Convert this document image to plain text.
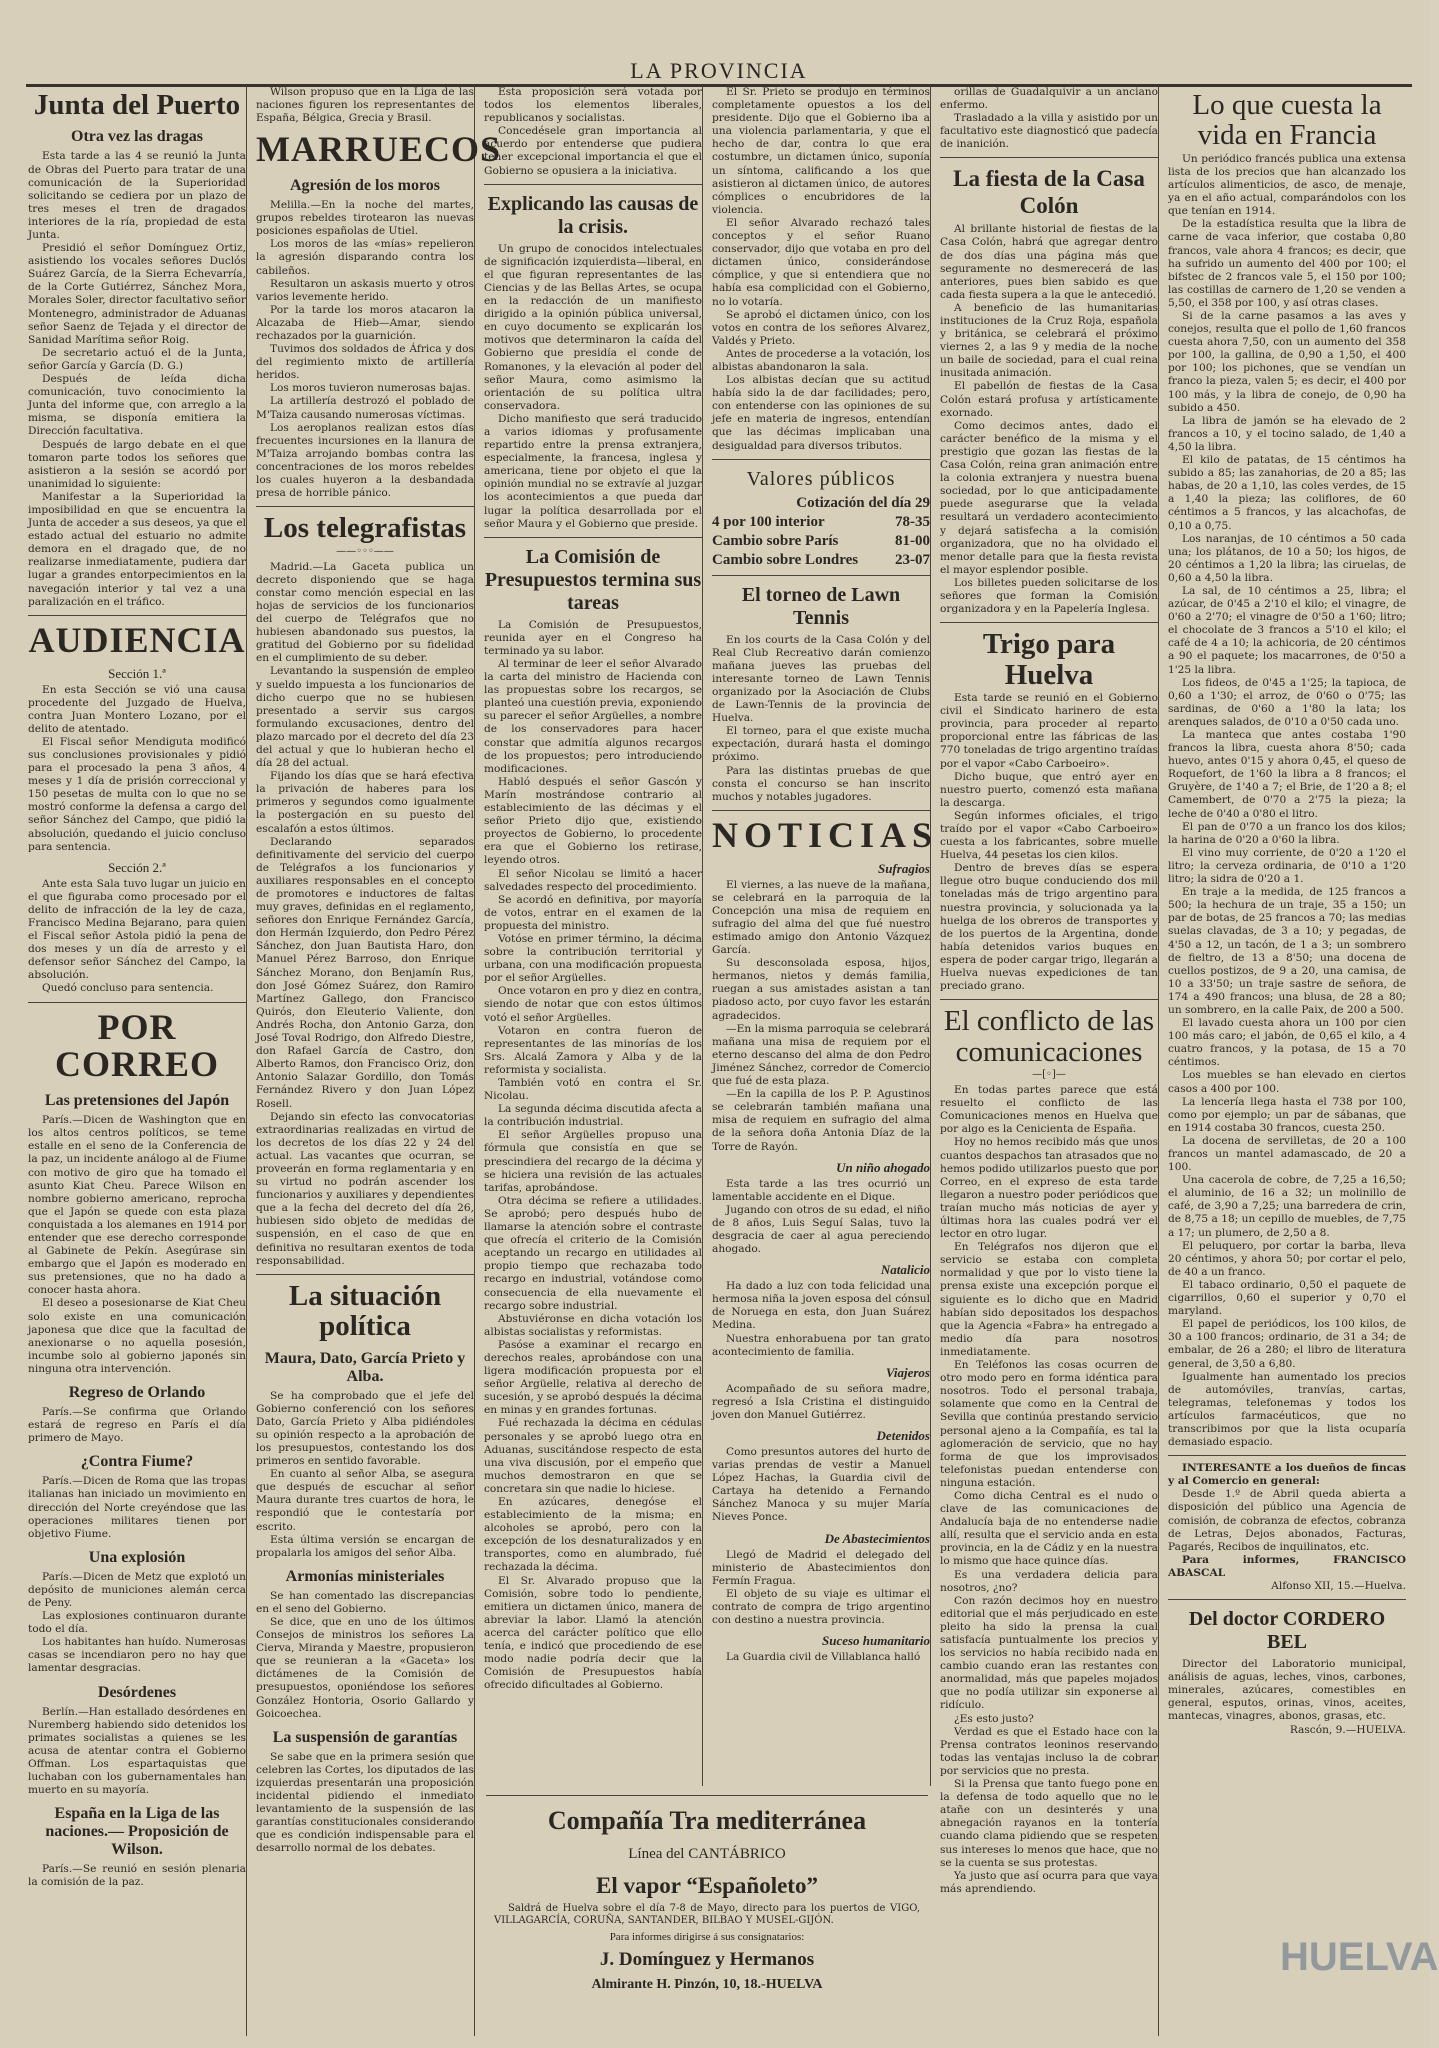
LA PROVINCIA
Junta del Puerto
Otra vez las dragas

Esta tarde a las 4 se reunió la Junta de Obras del Puerto para tratar de una comunicación de la Superioridad solicitando se cediera por un plazo de tres meses el tren de dragados interiores de la ría, propiedad de esta Junta.

Presidió el señor Domínguez Ortiz, asistiendo los vocales señores Duclós Suárez García, de la Sierra Echevarría, de la Corte Gutiérrez, Sánchez Mora, Morales Soler, director facultativo señor Montenegro, administrador de Aduanas señor Saenz de Tejada y el director de Sanidad Marítima señor Roig.

De secretario actuó el de la Junta, señor García y García (D. G.)

Después de leída dicha comunicación, tuvo conocimiento la Junta del informe que, con arreglo a la misma, se disponía emitiera la Dirección facultativa.

Después de largo debate en el que tomaron parte todos los señores que asistieron a la sesión se acordó por unanimidad lo siguiente:

Manifestar a la Superioridad la imposibilidad en que se encuentra la Junta de acceder a sus deseos, ya que el estado actual del estuario no admite demora en el dragado que, de no realizarse inmediatamente, pudiera dar lugar a grandes entorpecimientos en la navegación interior y tal vez a una paralización en el tráfico.

AUDIENCIA
Sección 1.ª

En esta Sección se vió una causa procedente del Juzgado de Huelva, contra Juan Montero Lozano, por el delito de atentado.

El Fiscal señor Mendiguta modificó sus conclusiones provisionales y pidió para el procesado la pena 3 años, 4 meses y 1 día de prisión correccional y 150 pesetas de multa con lo que no se mostró conforme la defensa a cargo del señor Sánchez del Campo, que pidió la absolución, quedando el juicio concluso para sentencia.

Sección 2.ª

Ante esta Sala tuvo lugar un juicio en el que figuraba como procesado por el delito de infracción de la ley de caza, Francisco Medina Bejarano, para quien el Fiscal señor Astola pidió la pena de dos meses y un día de arresto y el defensor señor Sánchez del Campo, la absolución.

Quedó concluso para sentencia.

POR CORREO
Las pretensiones del Japón

París.—Dicen de Washington que en los altos centros políticos, se teme estalle en el seno de la Conferencia de la paz, un incidente análogo al de Fiume con motivo de giro que ha tomado el asunto Kiat Cheu. Parece Wilson en nombre gobierno americano, reprocha que el Japón se quede con esta plaza conquistada a los alemanes en 1914 por entender que ese derecho corresponde al Gabinete de Pekín. Asegúrase sin embargo que el Japón es moderado en sus pretensiones, que no ha dado a conocer hasta ahora.

El deseo a posesionarse de Kiat Cheu solo existe en una comunicación japonesa que dice que la facultad de anexionarse o no aquella posesión, incumbe solo al gobierno japonés sin ninguna otra intervención.

Regreso de Orlando

París.—Se confirma que Orlando estará de regreso en París el día primero de Mayo.

¿Contra Fiume?

París.—Dicen de Roma que las tropas italianas han iniciado un movimiento en dirección del Norte creyéndose que las operaciones militares tienen por objetivo Fiume.

Una explosión

París.—Dicen de Metz que explotó un depósito de municiones alemán cerca de Peny.

Las explosiones continuaron durante todo el día.

Los habitantes han huído. Numerosas casas se incendiaron pero no hay que lamentar desgracias.

Desórdenes

Berlín.—Han estallado desórdenes en Nuremberg habiendo sido detenidos los primates socialistas a quienes se les acusa de atentar contra el Gobierno Offman. Los espartaquistas que luchaban con los gubernamentales han muerto en su mayoría.

España en la Liga de las naciones.— Proposición de Wilson.

París.—Se reunió en sesión plenaria la comisión de la paz.

Wilson propuso que en la Liga de las naciones figuren los representantes de España, Bélgica, Grecia y Brasil.

MARRUECOS
Agresión de los moros

Melilla.—En la noche del martes, grupos rebeldes tirotearon las nuevas posiciones españolas de Utiel.

Los moros de las «mías» repelieron la agresión disparando contra los cabileños.

Resultaron un askasis muerto y otros varios levemente herido.

Por la tarde los moros atacaron la Alcazaba de Hieb—Amar, siendo rechazados por la guarnición.

Tuvimos dos soldados de África y dos del regimiento mixto de artillería heridos.

Los moros tuvieron numerosas bajas.

La artillería destrozó el poblado de M'Taiza causando numerosas víctimas.

Los aeroplanos realizan estos días frecuentes incursiones en la llanura de M'Taiza arrojando bombas contra las concentraciones de los moros rebeldes los cuales huyeron a la desbandada presa de horrible pánico.

Los telegrafistas
——◦◦◦——

Madrid.—La Gaceta publica un decreto disponiendo que se haga constar como mención especial en las hojas de servicios de los funcionarios del cuerpo de Telégrafos que no hubiesen abandonado sus puestos, la gratitud del Gobierno por su fidelidad en el cumplimiento de su deber.

Levantando la suspensión de empleo y sueldo impuesta a los funcionarios de dicho cuerpo que no se hubiesen presentado a servir sus cargos formulando excusaciones, dentro del plazo marcado por el decreto del día 23 del actual y que lo hubieran hecho el día 28 del actual.

Fijando los días que se hará efectiva la privación de haberes para los primeros y segundos como igualmente la postergación en su puesto del escalafón a estos últimos.

Declarando separados definitivamente del servicio del cuerpo de Telégrafos a los funcionarios y auxiliares responsables en el concepto de promotores e inductores de faltas muy graves, definidas en el reglamento, señores don Enrique Fernández García, don Hermán Izquierdo, don Pedro Pérez Sánchez, don Juan Bautista Haro, don Manuel Pérez Barroso, don Enrique Sánchez Morano, don Benjamín Rus, don José Gómez Suárez, don Ramiro Martínez Gallego, don Francisco Quirós, don Eleuterio Valiente, don Andrés Rocha, don Antonio Garza, don José Toval Rodrigo, don Alfredo Diestre, don Rafael García de Castro, don Alberto Ramos, don Francisco Oriz, don Antonio Salazar Gordillo, don Tomás Fernández Rivero y don Juan López Rosell.

Dejando sin efecto las convocatorias extraordinarias realizadas en virtud de los decretos de los días 22 y 24 del actual. Las vacantes que ocurran, se proveerán en forma reglamentaria y en su virtud no podrán ascender los funcionarios y auxiliares y dependientes que a la fecha del decreto del día 26, hubiesen sido objeto de medidas de suspensión, en el caso de que en definitiva no resultaran exentos de toda responsabilidad.

La situación política
Maura, Dato, García Prieto y Alba.

Se ha comprobado que el jefe del Gobierno conferenció con los señores Dato, García Prieto y Alba pidiéndoles su opinión respecto a la aprobación de los presupuestos, contestando los dos primeros en sentido favorable.

En cuanto al señor Alba, se asegura que después de escuchar al señor Maura durante tres cuartos de hora, le respondió que le contestaría por escrito.

Esta última versión se encargan de propalarla los amigos del señor Alba.

Armonías ministeriales

Se han comentado las discrepancias en el seno del Gobierno.

Se dice, que en uno de los últimos Consejos de ministros los señores La Cierva, Miranda y Maestre, propusieron que se reunieran a la «Gaceta» los dictámenes de la Comisión de presupuestos, oponiéndose los señores González Hontoria, Osorio Gallardo y Goicoechea.

La suspensión de garantías

Se sabe que en la primera sesión que celebren las Cortes, los diputados de las izquierdas presentarán una proposición incidental pidiendo el inmediato levantamiento de la suspensión de las garantías constitucionales considerando que es condición indispensable para el desarrollo normal de los debates.

Esta proposición será votada por todos los elementos liberales, republicanos y socialistas.

Concedésele gran importancia al acuerdo por entenderse que pudiera tener excepcional importancia el que el Gobierno se opusiera a la iniciativa.

Explicando las causas de la crisis.

Un grupo de conocidos intelectuales de significación izquierdista—liberal, en el que figuran representantes de las Ciencias y de las Bellas Artes, se ocupa en la redacción de un manifiesto dirigido a la opinión pública universal, en cuyo documento se explicarán los motivos que determinaron la caída del Gobierno que presidía el conde de Romanones, y la elevación al poder del señor Maura, como asimismo la orientación de su política ultra conservadora.

Dicho manifiesto que será traducido a varios idiomas y profusamente repartido entre la prensa extranjera, especialmente, la francesa, inglesa y americana, tiene por objeto el que la opinión mundial no se extravíe al juzgar los acontecimientos a que pueda dar lugar la política desarrollada por el señor Maura y el Gobierno que preside.

La Comisión de Presupuestos termina sus tareas

La Comisión de Presupuestos, reunida ayer en el Congreso ha terminado ya su labor.

Al terminar de leer el señor Alvarado la carta del ministro de Hacienda con las propuestas sobre los recargos, se planteó una cuestión previa, exponiendo su parecer el señor Argüelles, a nombre de los conservadores para hacer constar que admitía algunos recargos de los propuestos; pero introduciendo modificaciones.

Habló después el señor Gascón y Marín mostrándose contrario al establecimiento de las décimas y el señor Prieto dijo que, existiendo proyectos de Gobierno, lo procedente era que el Gobierno los retirase, leyendo otros.

El señor Nicolau se limitó a hacer salvedades respecto del procedimiento.

Se acordó en definitiva, por mayoría de votos, entrar en el examen de la propuesta del ministro.

Votóse en primer término, la décima sobre la contribución territorial y urbana, con una modificación propuesta por el señor Argüelles.

Once votaron en pro y diez en contra, siendo de notar que con estos últimos votó el señor Argüelles.

Votaron en contra fueron de representantes de las minorías de los Srs. Alcalá Zamora y Alba y de la reformista y socialista.

También votó en contra el Sr. Nicolau.

La segunda décima discutida afecta a la contribución industrial.

El señor Argüelles propuso una fórmula que consistía en que se prescindiera del recargo de la décima y se hiciera una revisión de las actuales tarifas, aprobándose.

Otra décima se refiere a utilidades. Se aprobó; pero después hubo de llamarse la atención sobre el contraste que ofrecía el criterio de la Comisión aceptando un recargo en utilidades al propio tiempo que rechazaba todo recargo en industrial, votándose como consecuencia de ella nuevamente el recargo sobre industrial.

Abstuviéronse en dicha votación los albistas socialistas y reformistas.

Pasóse a examinar el recargo en derechos reales, aprobándose con una ligera modificación propuesta por el señor Argüelle, relativa al derecho de sucesión, y se aprobó después la décima en minas y en grandes fortunas.

Fué rechazada la décima en cédulas personales y se aprobó luego otra en Aduanas, suscitándose respecto de esta una viva discusión, por el empeño que muchos demostraron en que se concretara sin que nadie lo hiciese.

En azúcares, denegóse el establecimiento de la misma; en alcoholes se aprobó, pero con la excepción de los desnaturalizados y en transportes, como en alumbrado, fué rechazada la décima.

El Sr. Alvarado propuso que la Comisión, sobre todo lo pendiente, emitiera un dictamen único, manera de abreviar la labor. Llamó la atención acerca del carácter político que ello tenía, e indicó que procediendo de ese modo nadie podría decir que la Comisión de Presupuestos había ofrecido dificultades al Gobierno.

El Sr. Prieto se produjo en términos completamente opuestos a los del presidente. Dijo que el Gobierno iba a una violencia parlamentaria, y que el hecho de dar, contra lo que era costumbre, un dictamen único, suponía un síntoma, calificando a los que asistieron al dictamen único, de autores cómplices o encubridores de la violencia.

El señor Alvarado rechazó tales conceptos y el señor Ruano conservador, dijo que votaba en pro del dictamen único, considerándose cómplice, y que si entendiera que no había esa complicidad con el Gobierno, no lo votaría.

Se aprobó el dictamen único, con los votos en contra de los señores Alvarez, Valdés y Prieto.

Antes de procederse a la votación, los albistas abandonaron la sala.

Los albistas decían que su actitud había sido la de dar facilidades; pero, con entenderse con las opiniones de su jefe en materia de ingresos, entendían que las décimas implicaban una desigualdad para diversos tributos.

Valores públicos
Cotización del día 29
4 por 100 interior	78-35
Cambio sobre París	81-00
Cambio sobre Londres 23-07
El torneo de Lawn Tennis

En los courts de la Casa Colón y del Real Club Recreativo darán comienzo mañana jueves las pruebas del interesante torneo de Lawn Tennis organizado por la Asociación de Clubs de Lawn-Tennis de la provincia de Huelva.

El torneo, para el que existe mucha expectación, durará hasta el domingo próximo.

Para las distintas pruebas de que consta el concurso se han inscrito muchos y notables jugadores.

NOTICIAS
Sufragios

El viernes, a las nueve de la mañana, se celebrará en la parroquia de la Concepción una misa de requiem en sufragio del alma del que fué nuestro estimado amigo don Antonio Vázquez García.

Su desconsolada esposa, hijos, hermanos, nietos y demás familia, ruegan a sus amistades asistan a tan piadoso acto, por cuyo favor les estarán agradecidos.

—En la misma parroquia se celebrará mañana una misa de requiem por el eterno descanso del alma de don Pedro Jiménez Sánchez, corredor de Comercio que fué de esta plaza.

—En la capilla de los P. P. Agustinos se celebrarán también mañana una misa de requiem en sufragio del alma de la señora doña Antonia Díaz de la Torre de Rayón.

Un niño ahogado

Esta tarde a las tres ocurrió un lamentable accidente en el Dique.

Jugando con otros de su edad, el niño de 8 años, Luis Seguí Salas, tuvo la desgracia de caer al agua pereciendo ahogado.

Natalicio

Ha dado a luz con toda felicidad una hermosa niña la joven esposa del cónsul de Noruega en esta, don Juan Suárez Medina.

Nuestra enhorabuena por tan grato acontecimiento de familia.

Viajeros

Acompañado de su señora madre, regresó a Isla Cristina el distinguido joven don Manuel Gutiérrez.

Detenidos

Como presuntos autores del hurto de varias prendas de vestir a Manuel López Hachas, la Guardia civil de Cartaya ha detenido a Fernando Sánchez Manoca y su mujer María Nieves Ponce.

De Abastecimientos

Llegó de Madrid el delegado del ministerio de Abastecimientos don Fermín Fragua.

El objeto de su viaje es ultimar el contrato de compra de trigo argentino con destino a nuestra provincia.

Suceso humanitario

La Guardia civil de Villablanca halló

Compañía Tra mediterránea
Línea del CANTÁBRICO
El vapor “Españoleto”

Saldrá de Huelva sobre el día 7-8 de Mayo, directo para los puertos de VIGO, VILLAGARCÍA, CORUÑA, SANTANDER, BILBAO Y MUSEL-GIJÓN.

Para informes dirigirse á sus consignatarios:
J. Domínguez y Hermanos
Almirante H. Pinzón, 10, 18.-HUELVA

orillas de Guadalquivir a un anciano enfermo.

Trasladado a la villa y asistido por un facultativo este diagnosticó que padecía de inanición.

La fiesta de la Casa Colón

Al brillante historial de fiestas de la Casa Colón, habrá que agregar dentro de dos días una página más que seguramente no desmerecerá de las anteriores, pues bien sabido es que cada fiesta supera a la que le antecedió.

A beneficio de las humanitarias instituciones de la Cruz Roja, española y británica, se celebrará el próximo viernes 2, a las 9 y media de la noche un baile de sociedad, para el cual reina inusitada animación.

El pabellón de fiestas de la Casa Colón estará profusa y artísticamente exornado.

Como decimos antes, dado el carácter benéfico de la misma y el prestigio que gozan las fiestas de la Casa Colón, reina gran animación entre la colonia extranjera y nuestra buena sociedad, por lo que anticipadamente puede asegurarse que la velada resultará un verdadero acontecimiento y dejará satisfecha a la comisión organizadora, que no ha olvidado el menor detalle para que la fiesta revista el mayor esplendor posible.

Los billetes pueden solicitarse de los señores que forman la Comisión organizadora y en la Papelería Inglesa.

Trigo para Huelva

Esta tarde se reunió en el Gobierno civil el Sindicato harinero de esta provincia, para proceder al reparto proporcional entre las fábricas de las 770 toneladas de trigo argentino traídas por el vapor «Cabo Carboeiro».

Dicho buque, que entró ayer en nuestro puerto, comenzó esta mañana la descarga.

Según informes oficiales, el trigo traído por el vapor «Cabo Carboeiro» cuesta a los fabricantes, sobre muelle Huelva, 44 pesetas los cien kilos.

Dentro de breves días se espera llegue otro buque conduciendo dos mil toneladas más de trigo argentino para nuestra provincia, y solucionada ya la huelga de los obreros de transportes y de los puertos de la Argentina, donde había detenidos varios buques en espera de poder cargar trigo, llegarán a Huelva nuevas expediciones de tan preciado grano.

El conflicto de las comunicaciones
—[◦]—

En todas partes parece que está resuelto el conflicto de las Comunicaciones menos en Huelva que por algo es la Cenicienta de España.

Hoy no hemos recibido más que unos cuantos despachos tan atrasados que no hemos podido utilizarlos puesto que por Correo, en el expreso de esta tarde llegaron a nuestro poder periódicos que traían mucho más noticias de ayer y últimas hora las cuales podrá ver el lector en otro lugar.

En Telégrafos nos dijeron que el servicio se estaba con completa normalidad y que por lo visto tiene la prensa existe una excepción porque el siguiente es lo dicho que en Madrid habían sido depositados los despachos que la Agencia «Fabra» ha entregado a medio día para nosotros inmediatamente.

En Teléfonos las cosas ocurren de otro modo pero en forma idéntica para nosotros. Todo el personal trabaja, solamente que como en la Central de Sevilla que continúa prestando servicio personal ajeno a la Compañía, es tal la aglomeración de servicio, que no hay forma de que los improvisados telefonistas puedan entenderse con ninguna estación.

Como dicha Central es el nudo o clave de las comunicaciones de Andalucía baja de no entenderse nadie allí, resulta que el servicio anda en esta provincia, en la de Cádiz y en la nuestra lo mismo que hace quince días.

Es una verdadera delicia para nosotros, ¿no?

Con razón decimos hoy en nuestro editorial que el más perjudicado en este pleito ha sido la prensa la cual satisfacía puntualmente los precios y los servicios no había recibido nada en cambio cuando eran las restantes con anormalidad, más que papeles mojados que no podía utilizar sin exponerse al ridículo.

¿Es esto justo?

Verdad es que el Estado hace con la Prensa contratos leoninos reservando todas las ventajas incluso la de cobrar por servicios que no presta.

Si la Prensa que tanto fuego pone en la defensa de todo aquello que no le atañe con un desinterés y una abnegación rayanos en la tontería cuando clama pidiendo que se respeten sus intereses lo menos que hace, que no se la cuenta se sus protestas.

Ya justo que así ocurra para que vaya más aprendiendo.

Lo que cuesta la vida en Francia

Un periódico francés publica una extensa lista de los precios que han alcanzado los artículos alimenticios, de asco, de menaje, ya en el año actual, comparándolos con los que tenían en 1914.

De la estadística resulta que la libra de carne de vaca inferior, que costaba 0,80 francos, vale ahora 4 francos; es decir, que ha sufrido un aumento del 400 por 100; el bifstec de 2 francos vale 5, el 150 por 100; las costillas de carnero de 1,20 se venden a 5,50, el 358 por 100, y así otras clases.

Si de la carne pasamos a las aves y conejos, resulta que el pollo de 1,60 francos cuesta ahora 7,50, con un aumento del 358 por 100, la gallina, de 0,90 a 1,50, el 400 por 100; los pichones, que se vendían un franco la pieza, valen 5; es decir, el 400 por 100 más, y la libra de conejo, de 0,90 ha subido a 450.

La libra de jamón se ha elevado de 2 francos a 10, y el tocino salado, de 1,40 a 4,50 la libra.

El kilo de patatas, de 15 céntimos ha subido a 85; las zanahorias, de 20 a 85; las habas, de 20 a 1,10, las coles verdes, de 15 a 1,40 la pieza; las coliflores, de 60 céntimos a 5 francos, y las alcachofas, de 0,10 a 0,75.

Los naranjas, de 10 céntimos a 50 cada una; los plátanos, de 10 a 50; los higos, de 20 céntimos a 1,20 la libra; las ciruelas, de 0,60 a 4,50 la libra.

La sal, de 10 céntimos a 25, libra; el azúcar, de 0'45 a 2'10 el kilo; el vinagre, de 0'60 a 2'70; el vinagre de 0'50 a 1'60; litro; el chocolate de 3 francos a 5'10 el kilo; el café de 4 a 10; la achicoria, de 20 céntimos a 90 el paquete; los macarrones, de 0'50 a 1'25 la libra.

Los fideos, de 0'45 a 1'25; la tapioca, de 0,60 a 1'30; el arroz, de 0'60 o 0'75; las sardinas, de 0'60 a 1'80 la lata; los arenques salados, de 0'10 a 0'50 cada uno.

La manteca que antes costaba 1'90 francos la libra, cuesta ahora 8'50; cada huevo, antes 0'15 y ahora 0,45, el queso de Roquefort, de 1'60 la libra a 8 francos; el Gruyère, de 1'40 a 7; el Brie, de 1'20 a 8; el Camembert, de 0'70 a 2'75 la pieza; la leche de 0'40 a 0'80 el litro.

El pan de 0'70 a un franco los dos kilos; la harina de 0'20 a 0'60 la libra.

El vino muy corriente, de 0'20 a 1'20 el litro; la cerveza ordinaria, de 0'10 a 1'20 litro; la sidra de 0'20 a 1.

En traje a la medida, de 125 francos a 500; la hechura de un traje, 35 a 150; un par de botas, de 25 francos a 70; las medias suelas clavadas, de 3 a 10; y pegadas, de 4'50 a 12, un tacón, de 1 a 3; un sombrero de fieltro, de 13 a 8'50; una docena de cuellos postizos, de 9 a 20, una camisa, de 10 a 33'50; un traje sastre de señora, de 174 a 490 francos; una blusa, de 28 a 80; un sombrero, en la calle Paix, de 200 a 500.

El lavado cuesta ahora un 100 por cien 100 más caro; el jabón, de 0,65 el kilo, a 4 cuatro francos, y la potasa, de 15 a 70 céntimos.

Los muebles se han elevado en ciertos casos a 400 por 100.

La lencería llega hasta el 738 por 100, como por ejemplo; un par de sábanas, que en 1914 costaba 30 francos, cuesta 250.

La docena de servilletas, de 20 a 100 francos un mantel adamascado, de 20 a 100.

Una cacerola de cobre, de 7,25 a 16,50; el aluminio, de 16 a 32; un molinillo de café, de 3,90 a 7,25; una barredera de crin, de 8,75 a 18; un cepillo de muebles, de 7,75 a 17; un plumero, de 2,50 a 8.

El peluquero, por cortar la barba, lleva 20 céntimos, y ahora 50; por cortar el pelo, de 40 a un franco.

El tabaco ordinario, 0,50 el paquete de cigarrillos, 0,60 el superior y 0,70 el maryland.

El papel de periódicos, los 100 kilos, de 30 a 100 francos; ordinario, de 31 a 34; de embalar, de 26 a 280; el libro de literatura general, de 3,50 a 6,80.

Igualmente han aumentado los precios de automóviles, tranvías, cartas, telegramas, telefonemas y todos los artículos farmacéuticos, que no transcribimos por que la lista ocuparía demasiado espacio.

INTERESANTE a los dueños de fincas y al Comercio en general:

Desde 1.º de Abril queda abierta a disposición del público una Agencia de comisión, de cobranza de efectos, cobranza de Letras, Dejos abonados, Facturas, Pagarés, Recibos de inquilinatos, etc.

Para informes, FRANCISCO ABASCAL

Alfonso XII, 15.—Huelva.

Del doctor CORDERO BEL

Director del Laboratorio municipal, análisis de aguas, leches, vinos, carbones, minerales, azúcares, comestibles en general, esputos, orinas, vinos, aceites, mantecas, vinagres, abonos, grasas, etc.

Rascón, 9.—HUELVA.

HUELVA
